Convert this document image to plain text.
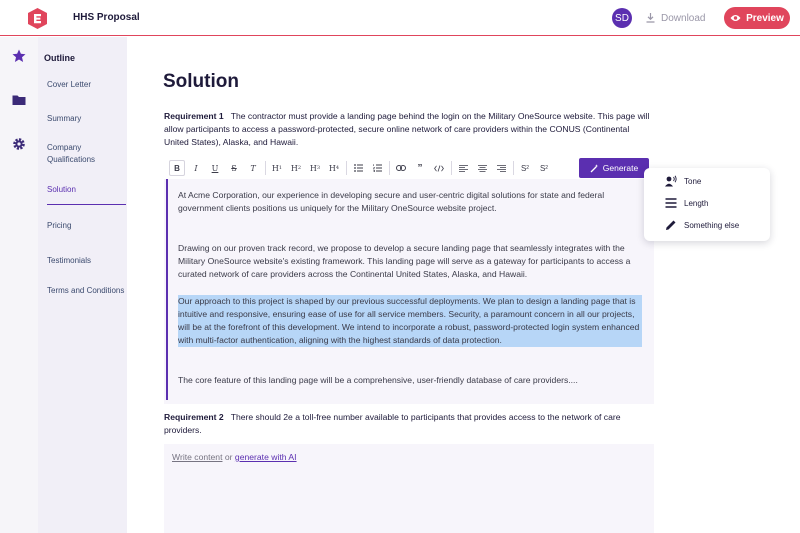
HHS Proposal	SD	Download	Preview
Outline
Cover Letter
Summary
Company Qualifications
Solution
Pricing
Testimonials
Terms and Conditions
Solution
Requirement 1 The contractor must provide a landing page behind the login on the Military OneSource website. This page will allow participants to access a password-protected, secure online network of care providers within the CONUS (Continental United States), Alaska, and Hawaii.
B	I	U	S	T	H 1	H 2	H 3	H 4	”	S 2	S 2	Generate
At Acme Corporation, our experience in developing secure and user-centric digital solutions for state and federal government clients positions us uniquely for the Military OneSource website project.
Drawing on our proven track record, we propose to develop a secure landing page that seamlessly integrates with the Military OneSource website's existing framework. This landing page will serve as a gateway for participants to access a curated network of care providers across the Continental United States, Alaska, and Hawaii.
Our approach to this project is shaped by our previous successful deployments. We plan to design a landing page that is intuitive and responsive, ensuring ease of use for all service members. Security, a paramount concern in all our projects, will be at the forefront of this development. We intend to incorporate a robust, password-protected login system enhanced with multi-factor authentication, aligning with the highest standards of data protection.
The core feature of this landing page will be a comprehensive, user-friendly database of care providers....
Requirement 2 There should 2e a toll-free number available to participants that provides access to the network of care providers.
Write content or generate with AI
Tone
Length
Something else
